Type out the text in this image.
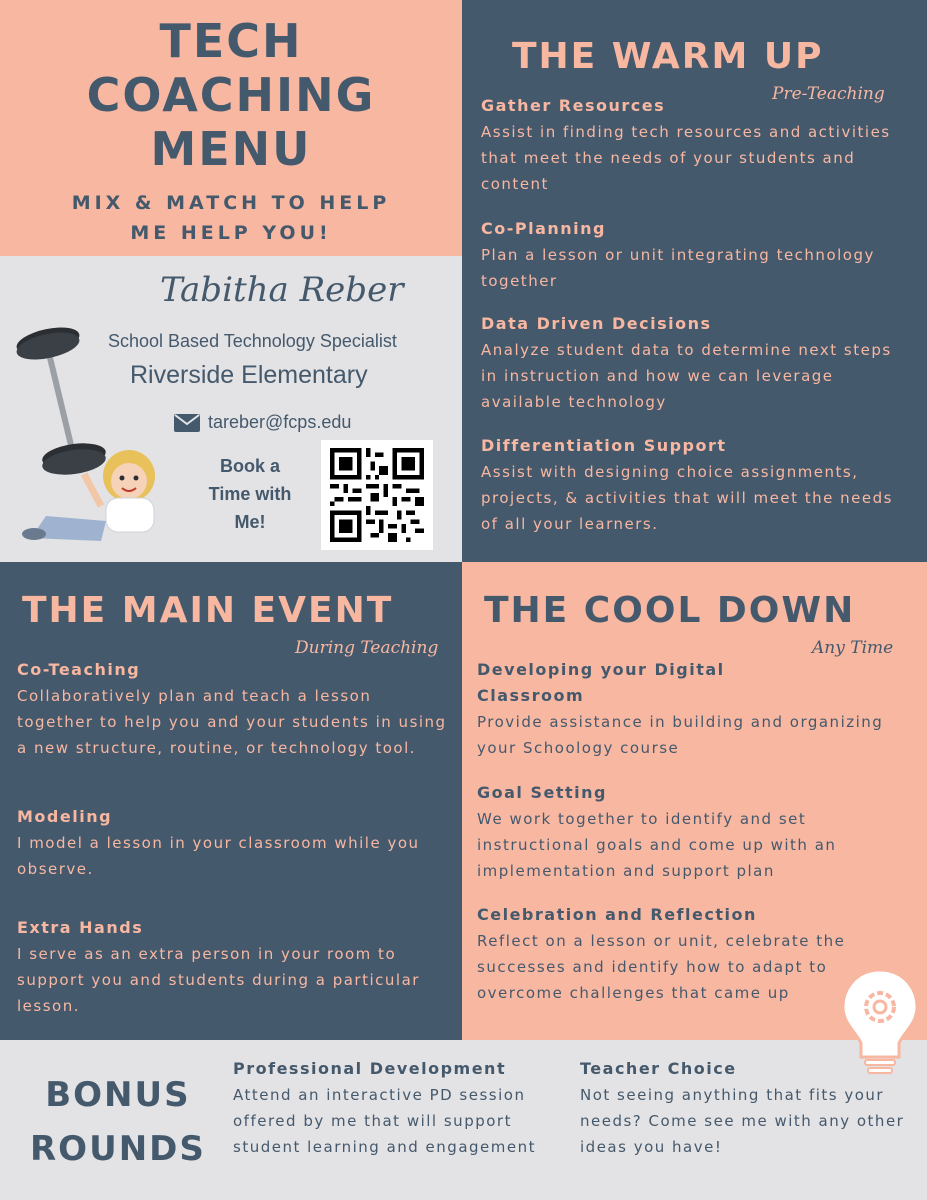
TECH
COACHING
MENU
MIX & MATCH TO HELP
ME HELP YOU!
Tabitha Reber
School Based Technology Specialist
Riverside Elementary
tareber@fcps.edu
Book a
Time with
Me!
THE WARM UP
Pre-Teaching
Gather Resources
Assist in finding tech resources and activities that meet the needs of your students and content
Co-Planning
Plan a lesson or unit integrating technology together
Data Driven Decisions
Analyze student data to determine next steps in instruction and how we can leverage available technology
Differentiation Support
Assist with designing choice assignments, projects, & activities that will meet the needs of all your learners.
THE MAIN EVENT
During Teaching
Co-Teaching
Collaboratively plan and teach a lesson together to help you and your students in using a new structure, routine, or technology tool.
Modeling
I model a lesson in your classroom while you observe.
Extra Hands
I serve as an extra person in your room to support you and students during a particular lesson.
THE COOL DOWN
Any Time
Developing your Digital Classroom
Provide assistance in building and organizing your Schoology course
Goal Setting
We work together to identify and set instructional goals and come up with an implementation and support plan
Celebration and Reflection
Reflect on a lesson or unit, celebrate the successes and identify how to adapt to overcome challenges that came up
BONUS
ROUNDS
Professional Development
Attend an interactive PD session offered by me that will support student learning and engagement
Teacher Choice
Not seeing anything that fits your needs? Come see me with any other ideas you have!
